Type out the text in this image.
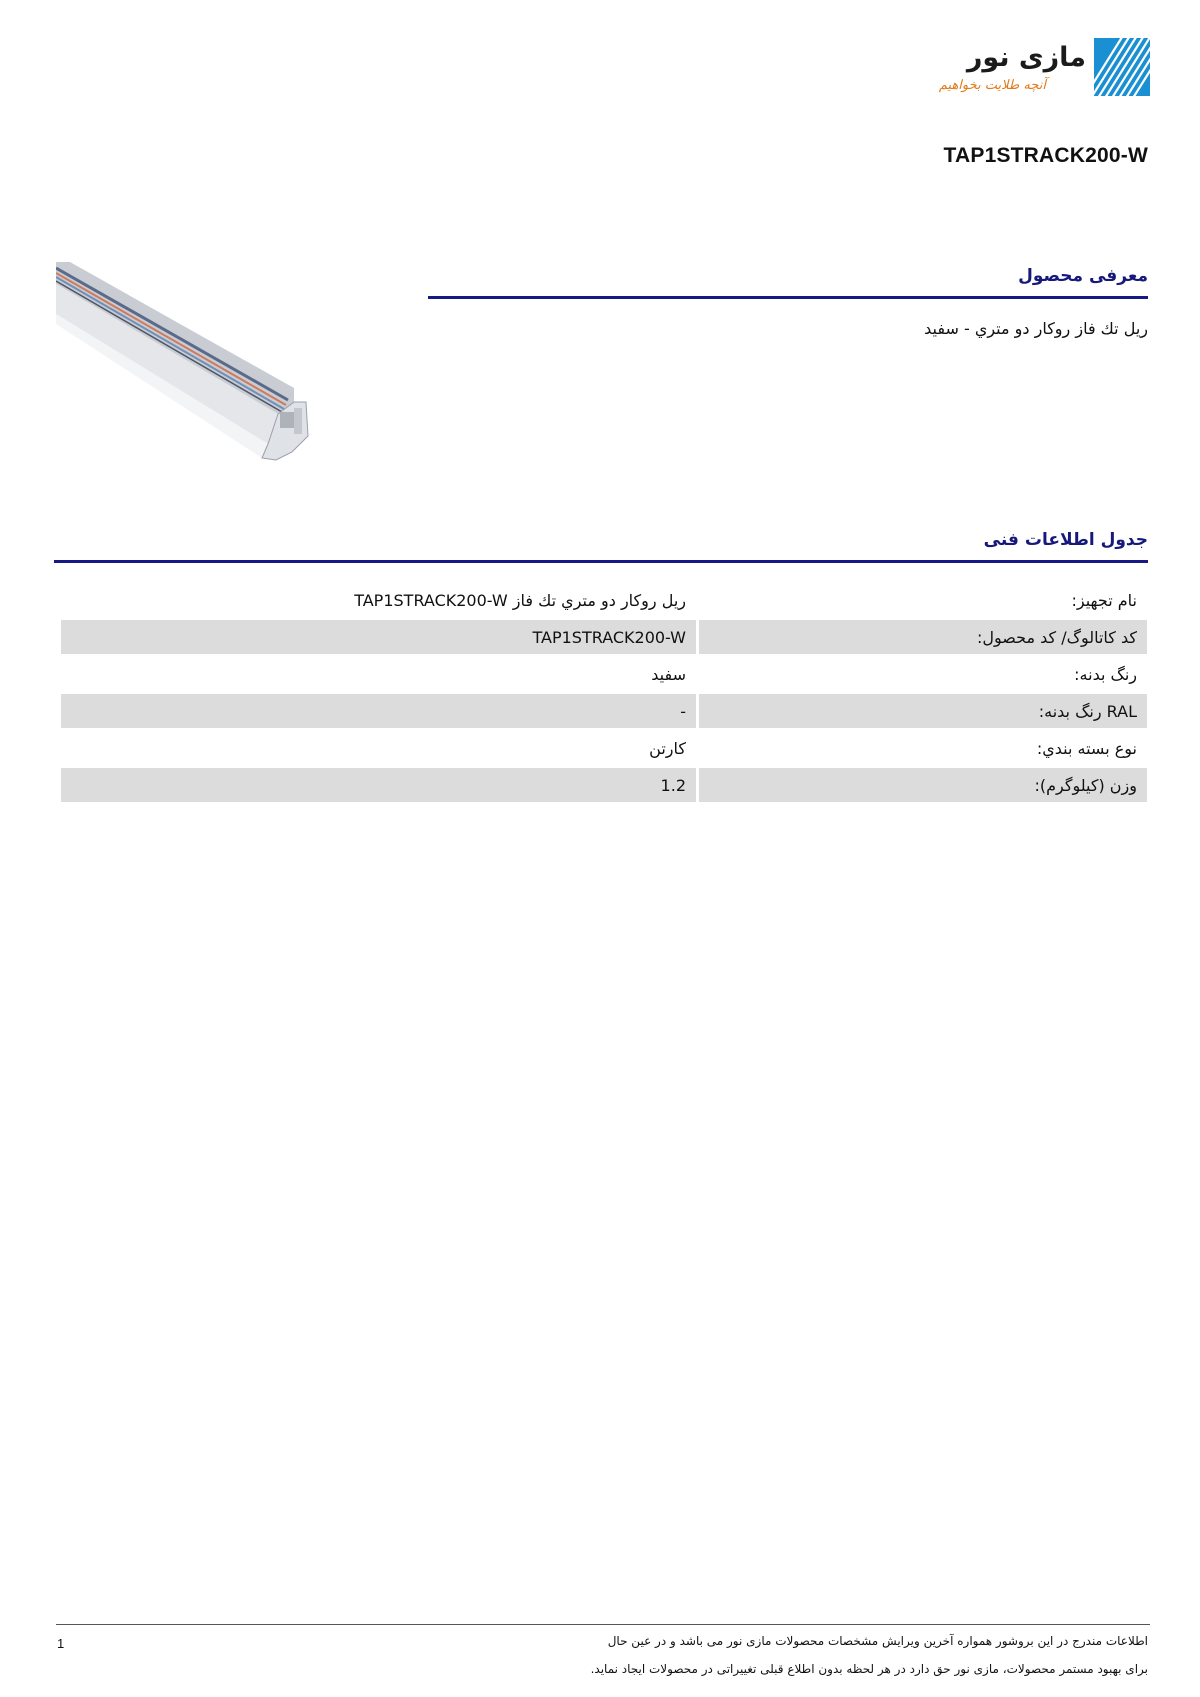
مازی نور
آنچه طلایت بخواهیم
TAP1STRACK200-W
معرفی محصول
ريل تك فاز روكار دو متري - سفيد
جدول اطلاعات فنی
نام تجهیز:	ريل روكار دو متري تك فاز TAP1STRACK200-W
کد کاتالوگ/ کد محصول:	TAP1STRACK200-W
رنگ بدنه:	سفید
RAL رنگ بدنه:	-
نوع بسته بندي:	کارتن
وزن (کیلوگرم):	1.2
1	اطلاعات مندرج در این بروشور همواره آخرین ویرایش مشخصات محصولات مازی نور می باشد و در عین حال
برای بهبود مستمر محصولات، مازی نور حق دارد در هر لحظه بدون اطلاع قبلی تغییراتی در محصولات ایجاد نماید.
